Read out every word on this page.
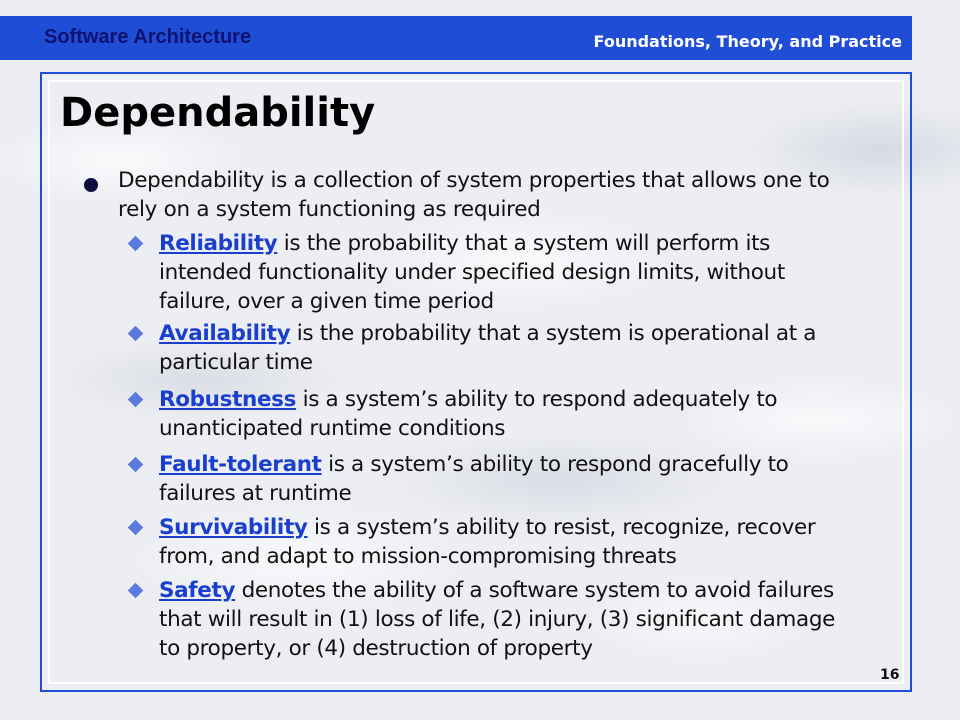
Software Architecture	Foundations, Theory, and Practice
Dependability

Dependability is a collection of system properties that allows one to rely on a system functioning as required

Reliability is the probability that a system will perform its intended functionality under specified design limits, without failure, over a given time period

Availability is the probability that a system is operational at a particular time

Robustness is a system’s ability to respond adequately to unanticipated runtime conditions

Fault-tolerant is a system’s ability to respond gracefully to failures at runtime

Survivability is a system’s ability to resist, recognize, recover from, and adapt to mission-compromising threats

Safety denotes the ability of a software system to avoid failures that will result in (1) loss of life, (2) injury, (3) significant damage to property, or (4) destruction of property

16
